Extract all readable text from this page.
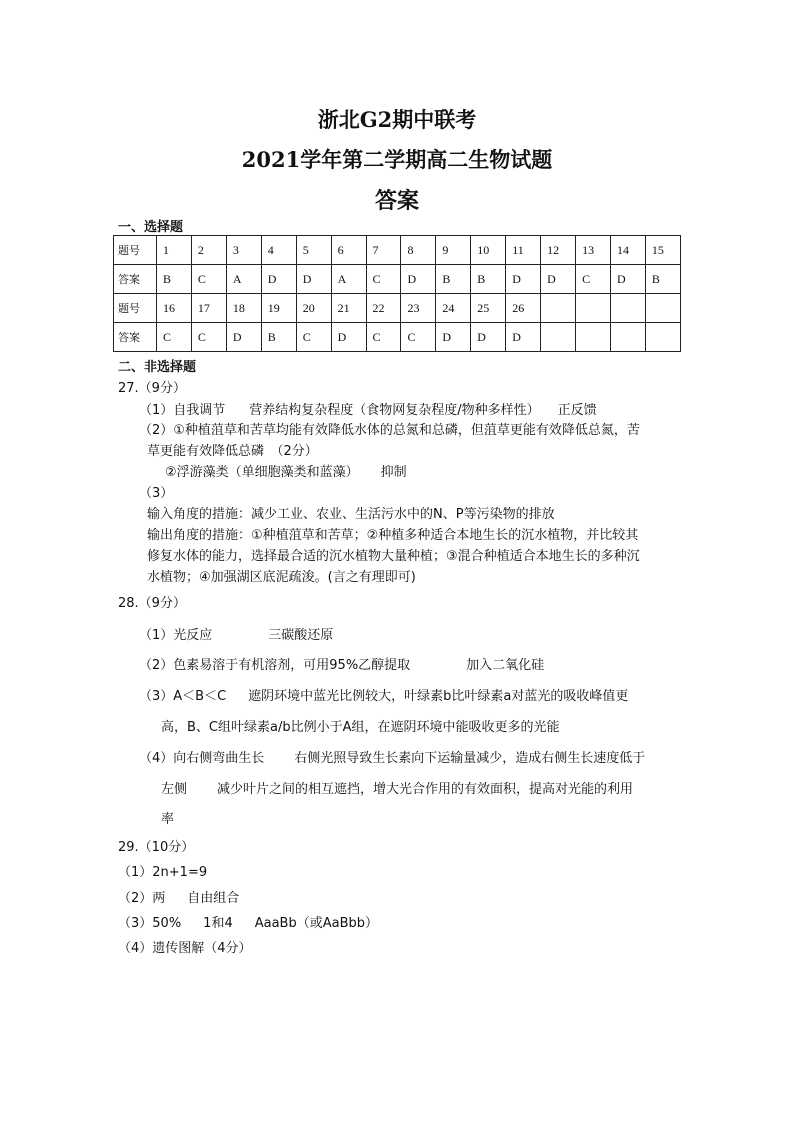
浙北G2期中联考
2021学年第二学期高二生物试题
答案
一、选择题
题号	1	2	3	4	5	6	7	8	9	10	11	12	13	14	15
答案	B	C	A	D	D	A	C	D	B	B	D	D	C	D	B
题号	16	17	18	19	20	21	22	23	24	25	26				
答案	C	C	D	B	C	D	C	C	D	D	D				
二、非选择题
27.（9分）
（1）自我调节 营养结构复杂程度（食物网复杂程度/物种多样性） 正反馈
（2）①种植菹草和苦草均能有效降低水体的总氮和总磷，但菹草更能有效降低总氮，苦
草更能有效降低总磷　（2分）
②浮游藻类（单细胞藻类和蓝藻） 抑制
（3）
输入角度的措施：减少工业、农业、生活污水中的N、P等污染物的排放
输出角度的措施：①种植菹草和苦草；②种植多种适合本地生长的沉水植物，并比较其
修复水体的能力，选择最合适的沉水植物大量种植；③混合种植适合本地生长的多种沉
水植物；④加强湖区底泥疏浚。(言之有理即可)
28.（9分）
（1）光反应	三碳酸还原
（2）色素易溶于有机溶剂，可用95%乙醇提取	加入二氧化硅
（3）A＜B＜C 遮阴环境中蓝光比例较大，叶绿素b比叶绿素a对蓝光的吸收峰值更
高，B、C组叶绿素a/b比例小于A组，在遮阴环境中能吸收更多的光能
（4）向右侧弯曲生长 右侧光照导致生长素向下运输量减少，造成右侧生长速度低于
左侧 减少叶片之间的相互遮挡，增大光合作用的有效面积，提高对光能的利用
率
29.（10分）
（1）2n+1=9
（2）两 自由组合
（3）50% 1和4 AaaBb（或AaBbb）
（4）遗传图解（4分）
